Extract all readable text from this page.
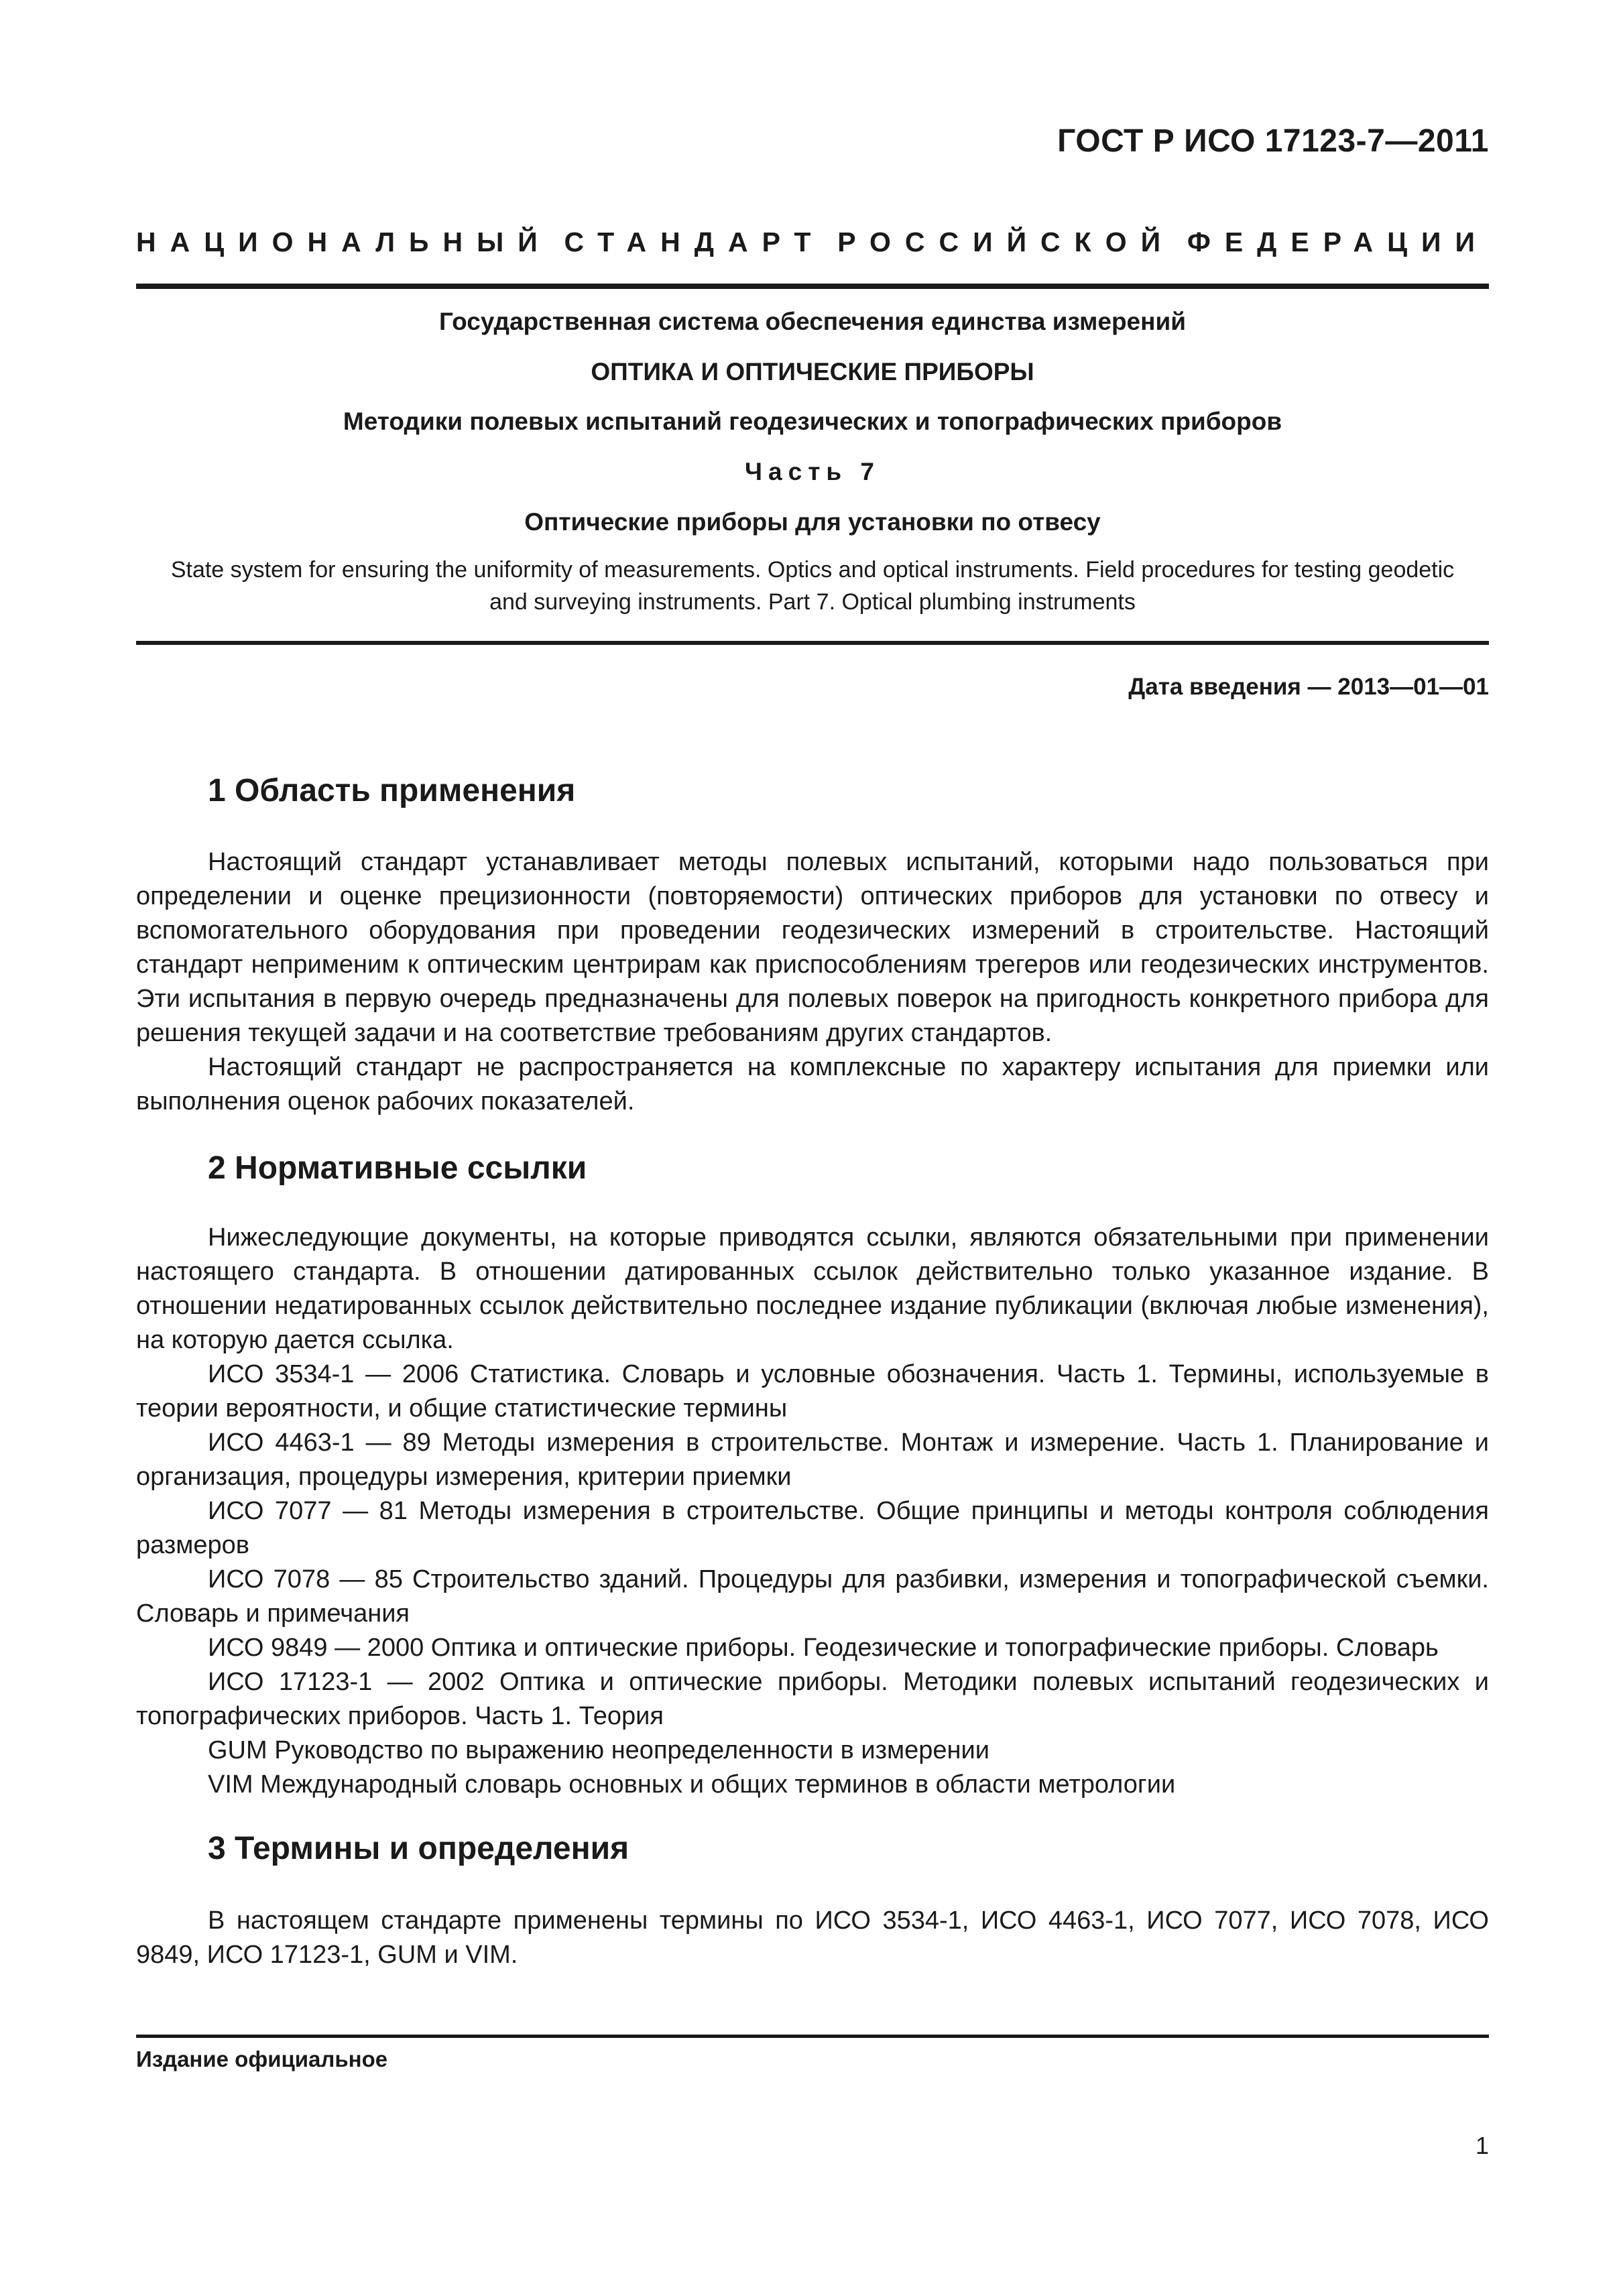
ГОСТ Р ИСО 17123-7—2011
НАЦИОНАЛЬНЫЙ СТАНДАРТ РОССИЙСКОЙ ФЕДЕРАЦИИ
Государственная система обеспечения единства измерений
ОПТИКА И ОПТИЧЕСКИЕ ПРИБОРЫ
Методики полевых испытаний геодезических и топографических приборов
Часть 7
Оптические приборы для установки по отвесу
State system for ensuring the uniformity of measurements. Optics and optical instruments. Field procedures for testing geodetic and surveying instruments. Part 7. Optical plumbing instruments
Дата введения — 2013—01—01
1 Область применения

Настоящий стандарт устанавливает методы полевых испытаний, которыми надо пользоваться при определении и оценке прецизионности (повторяемости) оптических приборов для установки по отвесу и вспомогательного оборудования при проведении геодезических измерений в строительстве. Настоящий стандарт неприменим к оптическим центрирам как приспособлениям трегеров или геодезических инструментов. Эти испытания в первую очередь предназначены для полевых поверок на пригодность конкретного прибора для решения текущей задачи и на соответствие требованиям других стандартов.

Настоящий стандарт не распространяется на комплексные по характеру испытания для приемки или выполнения оценок рабочих показателей.

2 Нормативные ссылки

Нижеследующие документы, на которые приводятся ссылки, являются обязательными при применении настоящего стандарта. В отношении датированных ссылок действительно только указанное издание. В отношении недатированных ссылок действительно последнее издание публикации (включая любые изменения), на которую дается ссылка.

ИСО 3534-1 — 2006 Статистика. Словарь и условные обозначения. Часть 1. Термины, используемые в теории вероятности, и общие статистические термины

ИСО 4463-1 — 89 Методы измерения в строительстве. Монтаж и измерение. Часть 1. Планирование и организация, процедуры измерения, критерии приемки

ИСО 7077 — 81 Методы измерения в строительстве. Общие принципы и методы контроля соблюдения размеров

ИСО 7078 — 85 Строительство зданий. Процедуры для разбивки, измерения и топографической съемки. Словарь и примечания

ИСО 9849 — 2000 Оптика и оптические приборы. Геодезические и топографические приборы. Словарь

ИСО 17123-1 — 2002 Оптика и оптические приборы. Методики полевых испытаний геодезических и топографических приборов. Часть 1. Теория

GUM Руководство по выражению неопределенности в измерении

VIM Международный словарь основных и общих терминов в области метрологии

3 Термины и определения

В настоящем стандарте применены термины по ИСО 3534-1, ИСО 4463-1, ИСО 7077, ИСО 7078, ИСО 9849, ИСО 17123-1, GUM и VIM.

Издание официальное
1
